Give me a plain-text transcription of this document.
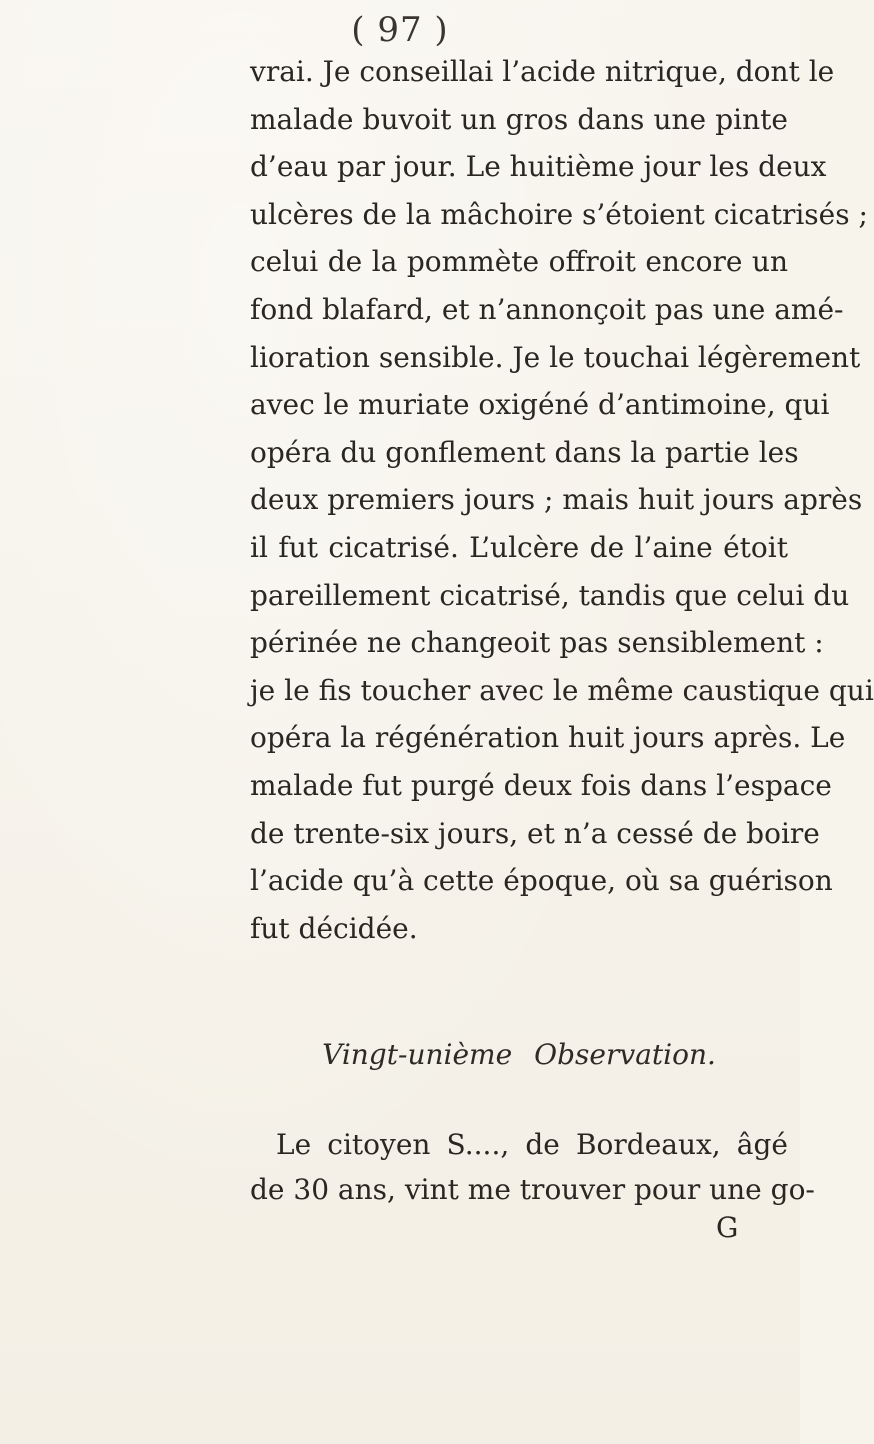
( 97 )
vrai. Je conseillai l’acide nitrique, dont le
malade buvoit un gros dans une pinte
d’eau par jour. Le huitième jour les deux
ulcères de la mâchoire s’étoient cicatrisés ;
celui de la pommète offroit encore un
fond blafard, et n’annonçoit pas une amé-
lioration sensible. Je le touchai légèrement
avec le muriate oxigéné d’antimoine, qui
opéra du gonflement dans la partie les
deux premiers jours ; mais huit jours après
il fut cicatrisé. L’ulcère de l’aine étoit
pareillement cicatrisé, tandis que celui du
périnée ne changeoit pas sensiblement :
je le fis toucher avec le même caustique qui
opéra la régénération huit jours après. Le
malade fut purgé deux fois dans l’espace
de trente-six jours, et n’a cessé de boire
l’acide qu’à cette époque, où sa guérison
fut décidée.
Vingt-unième Observation.
Le citoyen S...., de Bordeaux, âgé
de 30 ans, vint me trouver pour une go-
G
